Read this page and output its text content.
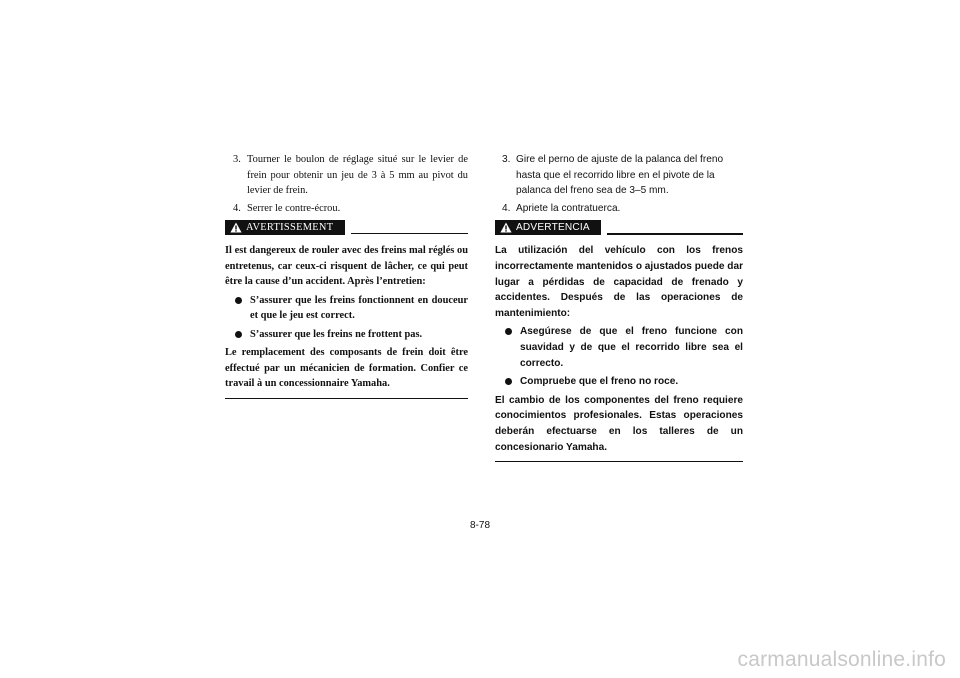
3. Tourner le boulon de réglage situé sur le levier de frein pour obtenir un jeu de 3 à 5 mm au pivot du levier de frein.
4. Serrer le contre-écrou.
AVERTISSEMENT

Il est dangereux de rouler avec des freins mal réglés ou entretenus, car ceux-ci risquent de lâcher, ce qui peut être la cause d’un accident. Après l’entretien:

S’assurer que les freins fonctionnent en douceur et que le jeu est correct.
S’assurer que les freins ne frottent pas.

Le remplacement des composants de frein doit être effectué par un mécanicien de formation. Confier ce travail à un concessionnaire Yamaha.

3. Gire el perno de ajuste de la palanca del freno hasta que el recorrido libre en el pivote de la palanca del freno sea de 3–5 mm.
4. Apriete la contratuerca.
ADVERTENCIA

La utilización del vehículo con los frenos incorrectamente mantenidos o ajustados puede dar lugar a pérdidas de capacidad de frenado y accidentes. Después de las operaciones de mantenimiento:

Asegúrese de que el freno funcione con suavidad y de que el recorrido libre sea el correcto.
Compruebe que el freno no roce.

El cambio de los componentes del freno requiere conocimientos profesionales. Estas operaciones deberán efectuarse en los talleres de un concesionario Yamaha.

8-78
carmanualsonline.info
